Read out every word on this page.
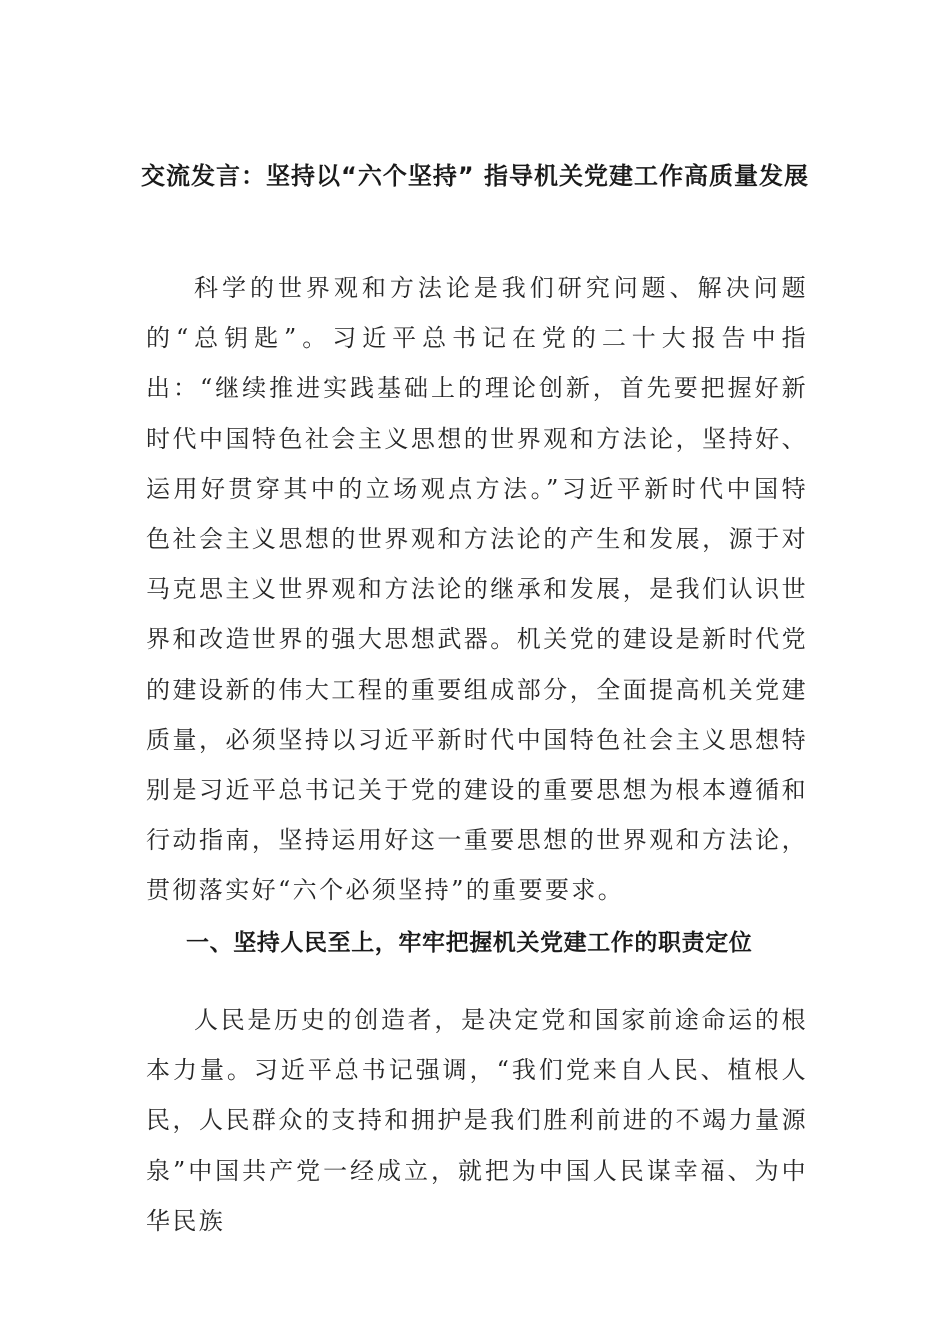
交流发言：坚持以“六个坚持” 指导机关党建工作高质量发展

科学的世界观和方法论是我们研究问题、解决问题的“总钥匙”。习近平总书记在党的二十大报告中指出：“继续推进实践基础上的理论创新，首先要把握好新时代中国特色社会主义思想的世界观和方法论，坚持好、运用好贯穿其中的立场观点方法。”习近平新时代中国特色社会主义思想的世界观和方法论的产生和发展，源于对马克思主义世界观和方法论的继承和发展，是我们认识世界和改造世界的强大思想武器。机关党的建设是新时代党的建设新的伟大工程的重要组成部分，全面提高机关党建质量，必须坚持以习近平新时代中国特色社会主义思想特别是习近平总书记关于党的建设的重要思想为根本遵循和行动指南，坚持运用好这一重要思想的世界观和方法论，贯彻落实好“六个必须坚持”的重要要求。

一、坚持人民至上，牢牢把握机关党建工作的职责定位

人民是历史的创造者，是决定党和国家前途命运的根本力量。习近平总书记强调，“我们党来自人民、植根人民，人民群众的支持和拥护是我们胜利前进的不竭力量源泉”中国共产党一经成立，就把为中国人民谋幸福、为中华民族
